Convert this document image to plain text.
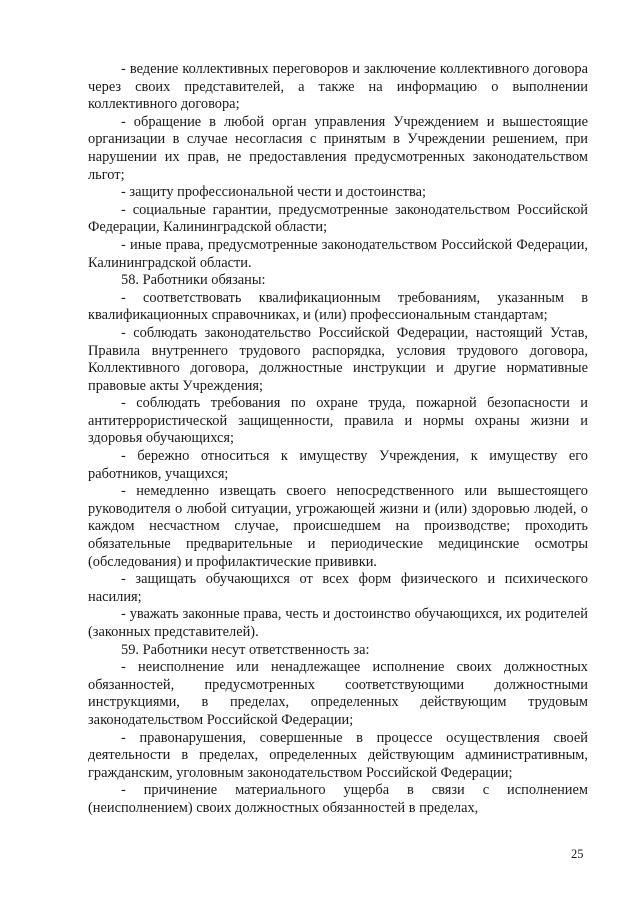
- ведение коллективных переговоров и заключение коллективного договора через своих представителей, а также на информацию о выполнении коллективного договора;

- обращение в любой орган управления Учреждением и вышестоящие организации в случае несогласия с принятым в Учреждении решением, при нарушении их прав, не предоставления предусмотренных законодательством льгот;

- защиту профессиональной чести и достоинства;

- социальные гарантии, предусмотренные законодательством Российской Федерации, Калининградской области;

- иные права, предусмотренные законодательством Российской Федерации, Калининградской области.

58. Работники обязаны:

- соответствовать квалификационным требованиям, указанным в квалификационных справочниках, и (или) профессиональным стандартам;

- соблюдать законодательство Российской Федерации, настоящий Устав, Правила внутреннего трудового распорядка, условия трудового договора, Коллективного договора, должностные инструкции и другие нормативные правовые акты Учреждения;

- соблюдать требования по охране труда, пожарной безопасности и антитеррористической защищенности, правила и нормы охраны жизни и здоровья обучающихся;

- бережно относиться к имуществу Учреждения, к имуществу его работников, учащихся;

- немедленно извещать своего непосредственного или вышестоящего руководителя о любой ситуации, угрожающей жизни и (или) здоровью людей, о каждом несчастном случае, происшедшем на производстве; проходить обязательные предварительные и периодические медицинские осмотры (обследования) и профилактические прививки.

- защищать обучающихся от всех форм физического и психического насилия;

- уважать законные права, честь и достоинство обучающихся, их родителей (законных представителей).

59. Работники несут ответственность за:

- неисполнение или ненадлежащее исполнение своих должностных обязанностей, предусмотренных соответствующими должностными инструкциями, в пределах, определенных действующим трудовым законодательством Российской Федерации;

- правонарушения, совершенные в процессе осуществления своей деятельности в пределах, определенных действующим административным, гражданским, уголовным законодательством Российской Федерации;

- причинение материального ущерба в связи с исполнением (неисполнением) своих должностных обязанностей в пределах,

25
